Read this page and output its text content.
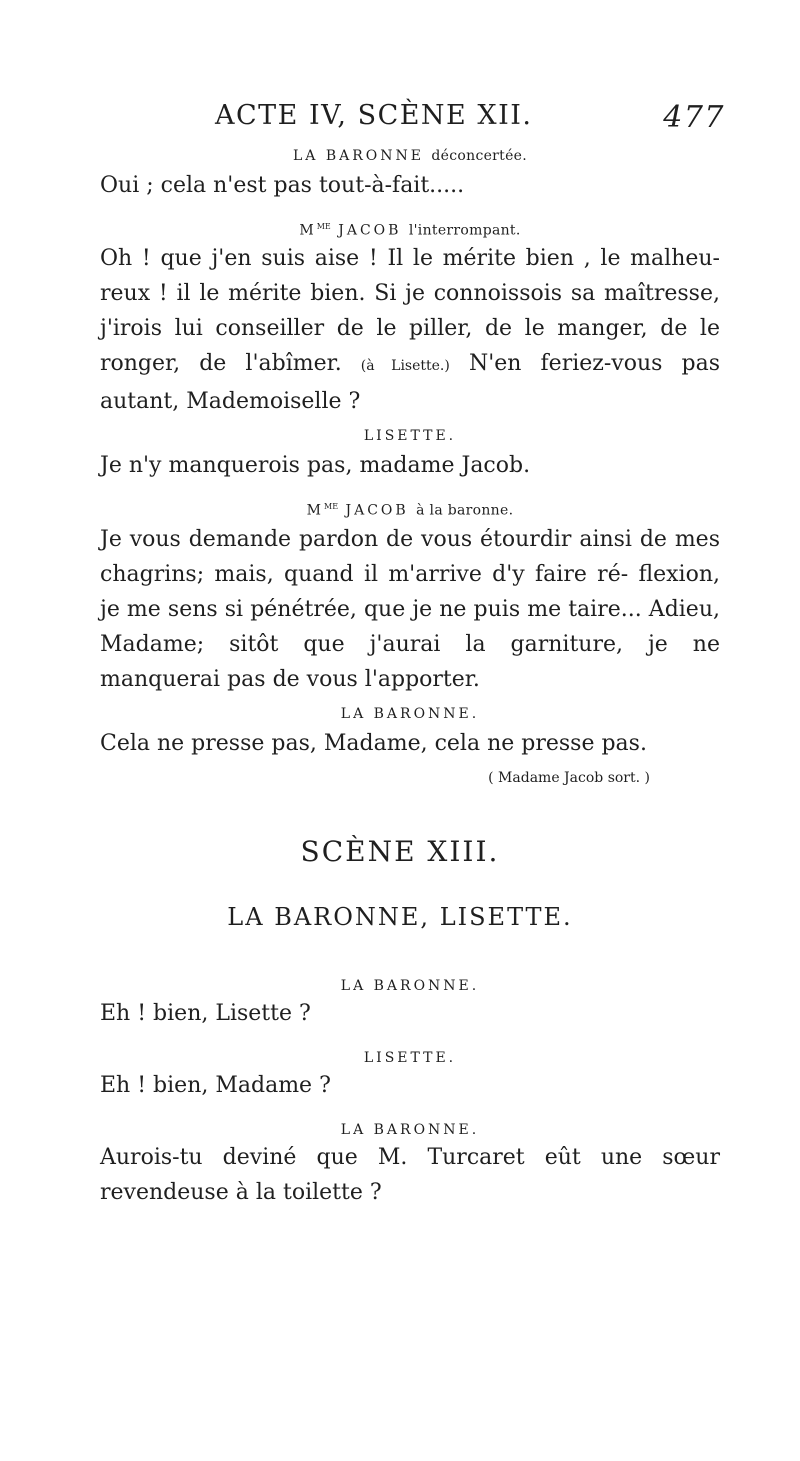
ACTE IV, SCÈNE XII.	477
LA BARONNE déconcertée.

Oui ; cela n'est pas tout-à-fait.....

$M^{ME}$ JACOB l'interrompant.

Oh ! que j'en suis aise ! Il le mérite bien , le malheu- reux ! il le mérite bien. Si je connoissois sa maîtresse, j'irois lui conseiller de le piller, de le manger, de le ronger, de l'abîmer. (à Lisette.) N'en feriez-vous pas autant, Mademoiselle ?

LISETTE.

Je n'y manquerois pas, madame Jacob.

$M^{ME}$ JACOB à la baronne.

Je vous demande pardon de vous étourdir ainsi de mes chagrins; mais, quand il m'arrive d'y faire ré- flexion, je me sens si pénétrée, que je ne puis me taire... Adieu, Madame; sitôt que j'aurai la garniture, je ne manquerai pas de vous l'apporter.

LA BARONNE.

Cela ne presse pas, Madame, cela ne presse pas.

( Madame Jacob sort. )
SCÈNE XIII.
LA BARONNE, LISETTE.
LA BARONNE.

Eh ! bien, Lisette ?

LISETTE.

Eh ! bien, Madame ?

LA BARONNE.

Aurois-tu deviné que M. Turcaret eût une sœur revendeuse à la toilette ?
